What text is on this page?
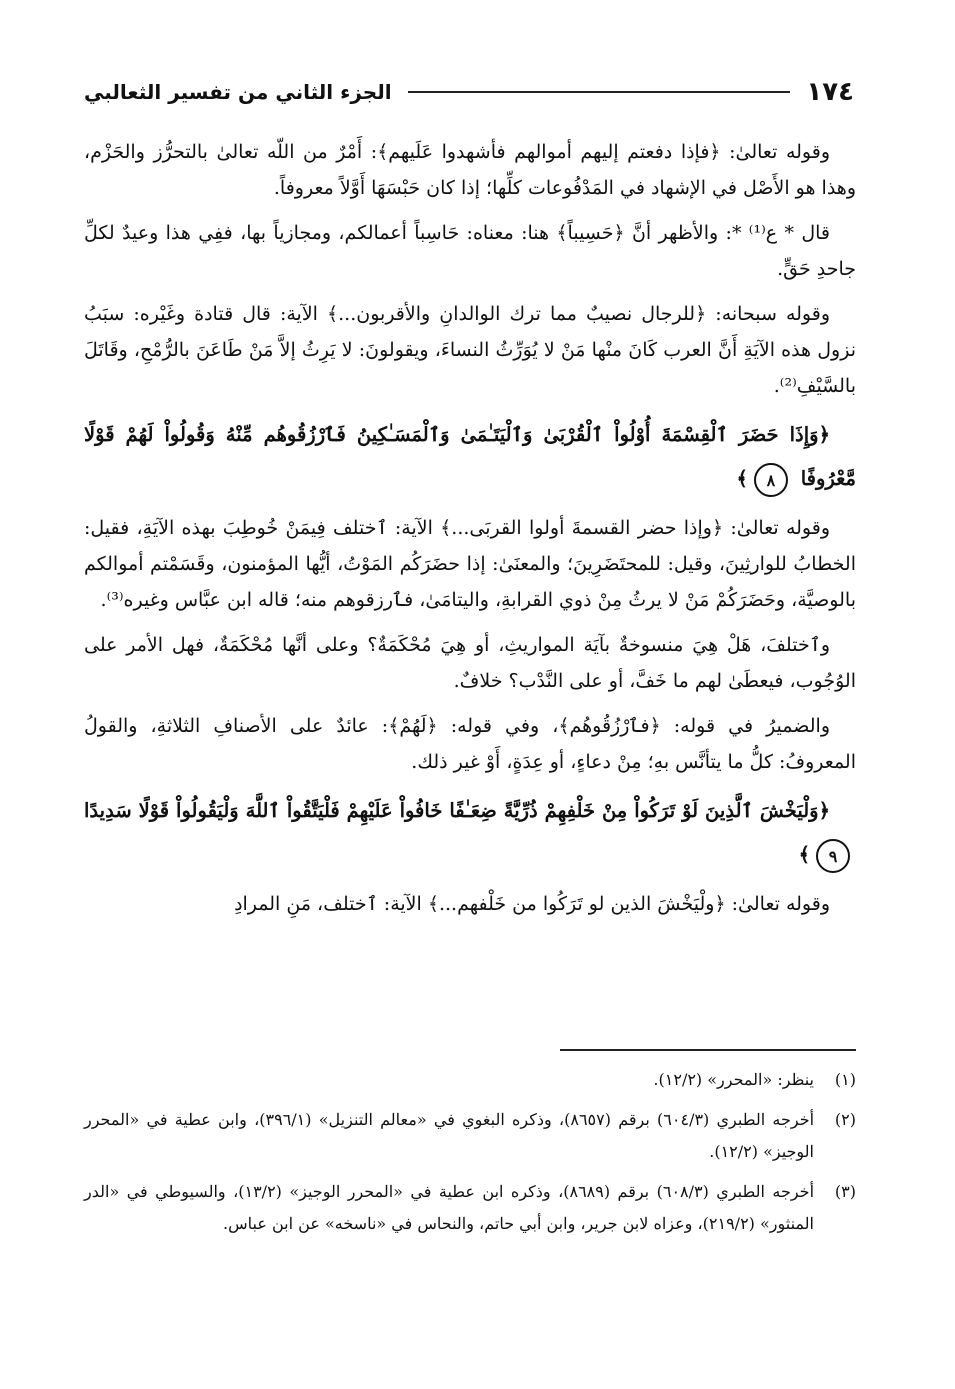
١٧٤
الجزء الثاني من تفسير الثعالبي

وقوله تعالىٰ: ﴿فإذا دفعتم إليهم أموالهم فأشهدوا عَلَيهم﴾: أَمْرٌ من اللّه تعالىٰ بالتحرُّز والحَزْم، وهذا هو الأَصْل في الإشهاد في المَدْفُوعات كلِّها؛ إذا كان حَبْسَهَا أَوَّلاً معروفاً.

قال * ع⁽¹⁾ *: والأظهر أنَّ ﴿حَسِيباً﴾ هنا: معناه: حَاسِباً أعمالكم، ومجازياً بها، ففِي هذا وعيدٌ لكلِّ جاحدِ حَقٍّ.

وقوله سبحانه: ﴿للرجال نصيبٌ مما ترك الوالدانِ والأقربون...﴾ الآية: قال قتادة وغَيْره: سبَبُ نزول هذه الآيَةِ أَنَّ العرب كَانَ منْها مَنْ لا يُوَرِّثُ النساءَ، ويقولونَ: لا يَرِثُ إلاَّ مَنْ طَاعَنَ بالرُّمْحِ، وقَاتَلَ بالسَّيْفِ⁽²⁾.

﴿وَإِذَا حَضَرَ ٱلْقِسْمَةَ أُوْلُواْ ٱلْقُرْبَىٰ وَٱلْيَتَـٰمَىٰ وَٱلْمَسَـٰكِينُ فَٱرْزُقُوهُم مِّنْهُ وَقُولُواْ لَهُمْ قَوْلًا مَّعْرُوفًا ٨﴾

وقوله تعالىٰ: ﴿وإذا حضر القسمةَ أولوا القربَى...﴾ الآية: ٱختلف فِيمَنْ خُوطِبَ بهذه الآيَةِ، فقيل: الخطابُ للوارثِينَ، وقيل: للمحتَضَرِينَ؛ والمعنَىٰ: إذا حضَرَكُم المَوْتُ، أيُّها المؤمنون، وقَسَمْتم أموالكم بالوصيَّة، وحَضَرَكُمْ مَنْ لا يرثُ مِنْ ذوي القرابةِ، واليتامَىٰ، فٱرزقوهم منه؛ قاله ابن عبَّاس وغيره⁽³⁾.

وٱختلفَ، هَلْ هِيَ منسوخةٌ بآيَة المواريثِ، أو هِيَ مُحْكَمَةٌ؟ وعلى أنَّها مُحْكَمَةٌ، فهل الأمر على الوُجُوب، فيعطَىٰ لهم ما خَفَّ، أو على النَّدْب؟ خلافٌ.

والضميرُ في قوله: ﴿فٱرْزُقُوهُم﴾، وفي قوله: ﴿لَهُمْ﴾: عائدٌ على الأصنافِ الثلاثةِ، والقولُ المعروفُ: كلُّ ما يتأنَّس بهِ؛ مِنْ دعاءٍ، أو عِدَةٍ، أَوْ غير ذلك.

﴿وَلْيَخْشَ ٱلَّذِينَ لَوْ تَرَكُواْ مِنْ خَلْفِهِمْ ذُرِّيَّةً ضِعَـٰفًا خَافُواْ عَلَيْهِمْ فَلْيَتَّقُواْ ٱللَّهَ وَلْيَقُولُواْ قَوْلًا سَدِيدًا ٩﴾

وقوله تعالىٰ: ﴿ولْيَخْشَ الذين لو تَرَكُوا من خَلْفهم...﴾ الآية: ٱختلف، مَنِ المرادِ

(١)
ينظر: «المحرر» (١٢/٢).
(٢)
أخرجه الطبري (٦٠٤/٣) برقم (٨٦٥٧)، وذكره البغوي في «معالم التنزيل» (٣٩٦/١)، وابن عطية في «المحرر الوجيز» (١٢/٢).
(٣)
أخرجه الطبري (٦٠٨/٣) برقم (٨٦٨٩)، وذكره ابن عطية في «المحرر الوجيز» (١٣/٢)، والسيوطي في «الدر المنثور» (٢١٩/٢)، وعزاه لابن جرير، وابن أبي حاتم، والنحاس في «ناسخه» عن ابن عباس.
